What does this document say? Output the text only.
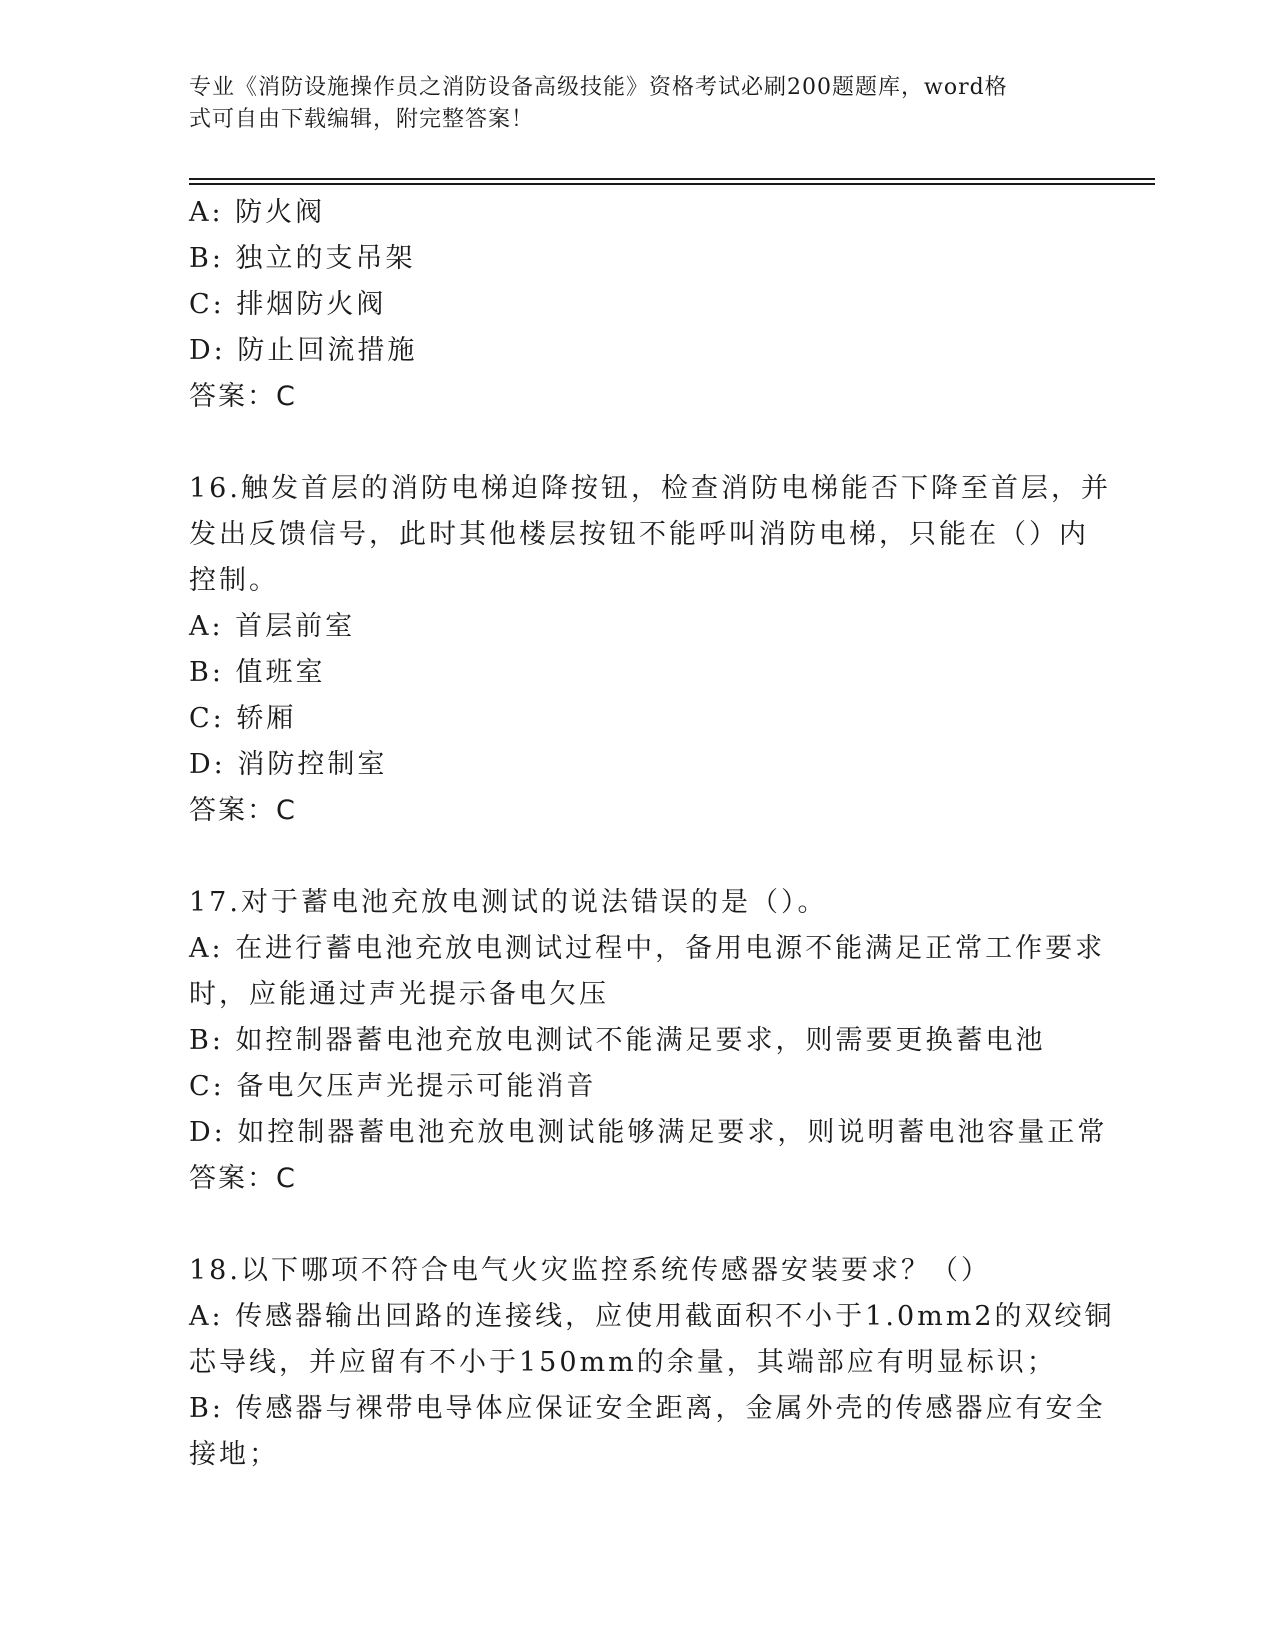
专业《消防设施操作员之消防设备高级技能》资格考试必刷200题题库，word格
式可自由下载编辑，附完整答案！
A: 防火阀
B: 独立的支吊架
C: 排烟防火阀
D: 防止回流措施
答案：C
16.触发首层的消防电梯迫降按钮，检查消防电梯能否下降至首层，并
发出反馈信号，此时其他楼层按钮不能呼叫消防电梯，只能在（）内
控制。
A: 首层前室
B: 值班室
C: 轿厢
D: 消防控制室
答案：C
17.对于蓄电池充放电测试的说法错误的是（）。
A: 在进行蓄电池充放电测试过程中，备用电源不能满足正常工作要求
时，应能通过声光提示备电欠压
B: 如控制器蓄电池充放电测试不能满足要求，则需要更换蓄电池
C: 备电欠压声光提示可能消音
D: 如控制器蓄电池充放电测试能够满足要求，则说明蓄电池容量正常
答案：C
18.以下哪项不符合电气火灾监控系统传感器安装要求？（）
A: 传感器输出回路的连接线，应使用截面积不小于1.0mm2的双绞铜
芯导线，并应留有不小于150mm的余量，其端部应有明显标识；
B: 传感器与裸带电导体应保证安全距离，金属外壳的传感器应有安全
接地；
